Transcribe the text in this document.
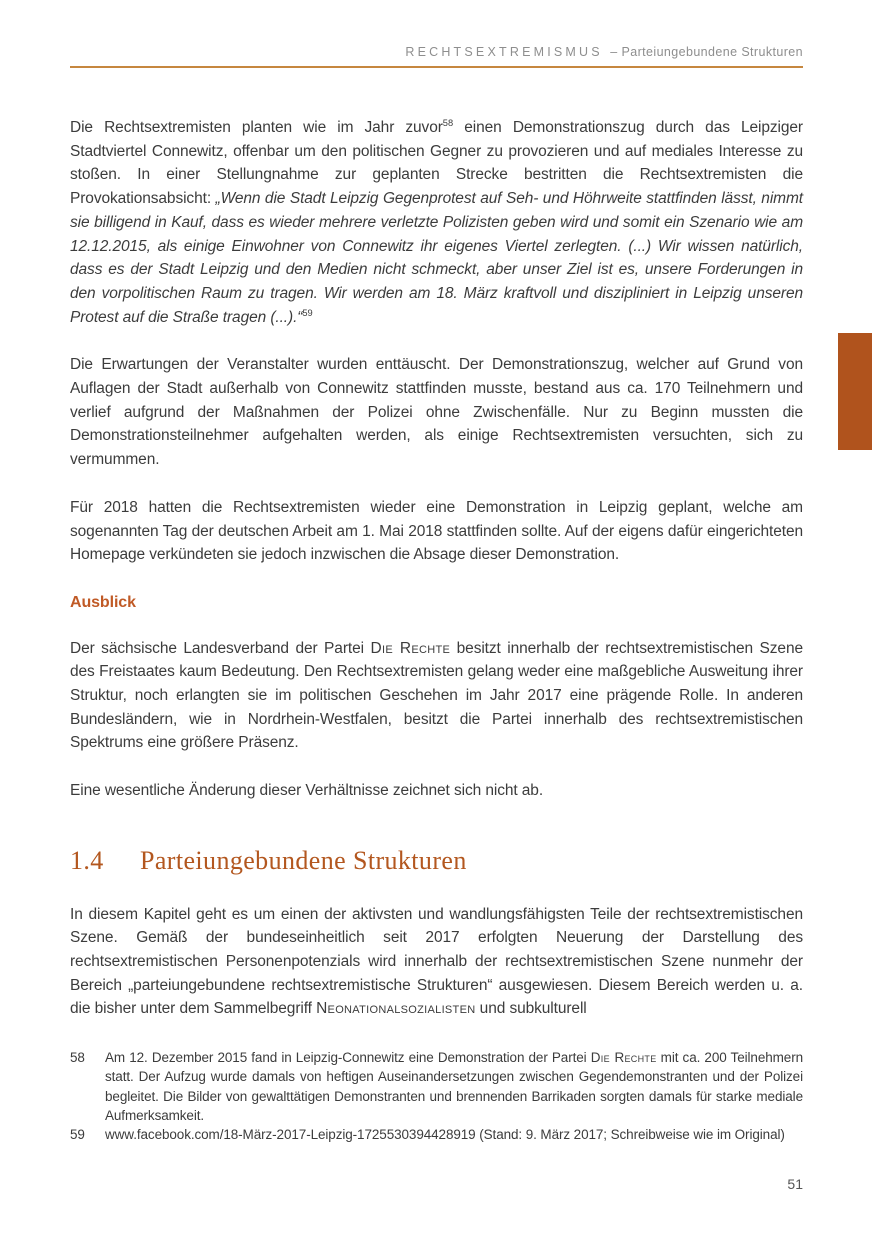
RECHTSEXTREMISMUS – Parteiungebundene Strukturen

Die Rechtsextremisten planten wie im Jahr zuvor$^{58}$ einen Demonstrationszug durch das Leipziger Stadtviertel Connewitz, offenbar um den politischen Gegner zu provozieren und auf mediales Interesse zu stoßen. In einer Stellungnahme zur geplanten Strecke bestritten die Rechtsextremisten die Provokationsabsicht: „Wenn die Stadt Leipzig Gegenprotest auf Seh- und Höhrweite stattfinden lässt, nimmt sie billigend in Kauf, dass es wieder mehrere verletzte Polizisten geben wird und somit ein Szenario wie am 12.12.2015, als einige Einwohner von Connewitz ihr eigenes Viertel zerlegten. (...) Wir wissen natürlich, dass es der Stadt Leipzig und den Medien nicht schmeckt, aber unser Ziel ist es, unsere Forderungen in den vorpolitischen Raum zu tragen. Wir werden am 18. März kraftvoll und diszipliniert in Leipzig unseren Protest auf die Straße tragen (...).“$^{59}$

Die Erwartungen der Veranstalter wurden enttäuscht. Der Demonstrationszug, welcher auf Grund von Auflagen der Stadt außerhalb von Connewitz stattfinden musste, bestand aus ca. 170 Teilnehmern und verlief aufgrund der Maßnahmen der Polizei ohne Zwischenfälle. Nur zu Beginn mussten die Demonstrationsteilnehmer aufgehalten werden, als einige Rechtsextremisten versuchten, sich zu vermummen.

Für 2018 hatten die Rechtsextremisten wieder eine Demonstration in Leipzig geplant, welche am sogenannten Tag der deutschen Arbeit am 1. Mai 2018 stattfinden sollte. Auf der eigens dafür eingerichteten Homepage verkündeten sie jedoch inzwischen die Absage dieser Demonstration.

Ausblick

Der sächsische Landesverband der Partei Die Rechte besitzt innerhalb der rechtsextremistischen Szene des Freistaates kaum Bedeutung. Den Rechtsextremisten gelang weder eine maßgebliche Ausweitung ihrer Struktur, noch erlangten sie im politischen Geschehen im Jahr 2017 eine prägende Rolle. In anderen Bundesländern, wie in Nordrhein-Westfalen, besitzt die Partei innerhalb des rechtsextremistischen Spektrums eine größere Präsenz.

Eine wesentliche Änderung dieser Verhältnisse zeichnet sich nicht ab.

1.4 Parteiungebundene Strukturen

In diesem Kapitel geht es um einen der aktivsten und wandlungsfähigsten Teile der rechtsextremistischen Szene. Gemäß der bundeseinheitlich seit 2017 erfolgten Neuerung der Darstellung des rechtsextremistischen Personenpotenzials wird innerhalb der rechtsextremistischen Szene nunmehr der Bereich „parteiungebundene rechtsextremistische Strukturen“ ausgewiesen. Diesem Bereich werden u. a. die bisher unter dem Sammelbegriff Neonationalsozialisten und subkulturell

58	Am 12. Dezember 2015 fand in Leipzig-Connewitz eine Demonstration der Partei Die Rechte mit ca. 200 Teilnehmern statt. Der Aufzug wurde damals von heftigen Auseinandersetzungen zwischen Gegendemonstranten und der Polizei begleitet. Die Bilder von gewalttätigen Demonstranten und brennenden Barrikaden sorgten damals für starke mediale Aufmerksamkeit.
59	www.facebook.com/18-März-2017-Leipzig-1725530394428919 (Stand: 9. März 2017; Schreibweise wie im Original)
51
